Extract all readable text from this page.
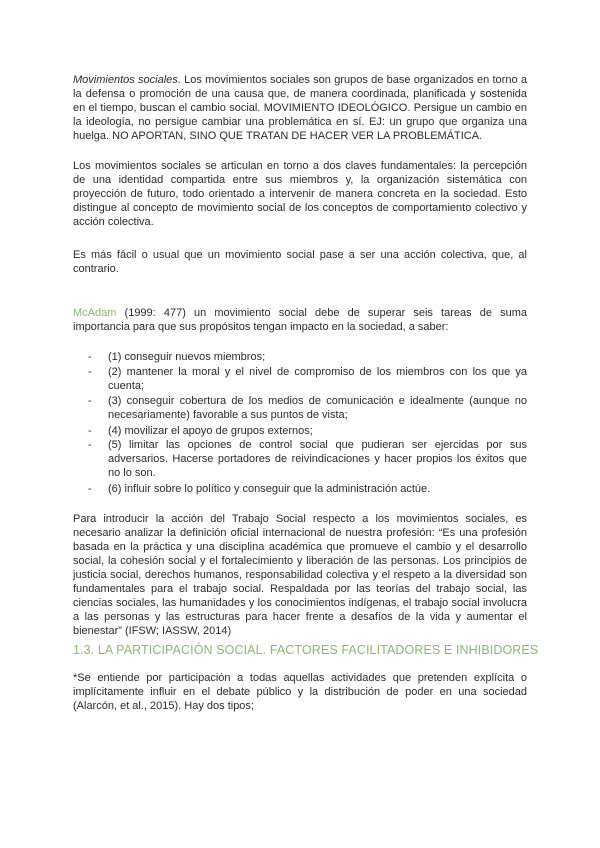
Movimientos sociales. Los movimientos sociales son grupos de base organizados en torno a
la defensa o promoción de una causa que, de manera coordinada, planificada y sostenida
en el tiempo, buscan el cambio social. MOVIMIENTO IDEOLÓGICO. Persigue un cambio en
la ideología, no persigue cambiar una problemática en sí. EJ: un grupo que organiza una
huelga. NO APORTAN, SINO QUE TRATAN DE HACER VER LA PROBLEMÁTICA.
Los movimientos sociales se articulan en torno a dos claves fundamentales: la percepción
de una identidad compartida entre sus miembros y, la organización sistemática con
proyección de futuro, todo orientado a intervenir de manera concreta en la sociedad. Esto
distingue al concepto de movimiento social de los conceptos de comportamiento colectivo y
acción colectiva.
Es más fácil o usual que un movimiento social pase a ser una acción colectiva, que, al
contrario.
McAdam (1999: 477) un movimiento social debe de superar seis tareas de suma
importancia para que sus propósitos tengan impacto en la sociedad, a saber:
- (1) conseguir nuevos miembros;
- (2) mantener la moral y el nivel de compromiso de los miembros con los que ya
cuenta;
- (3) conseguir cobertura de los medios de comunicación e idealmente (aunque no
necesariamente) favorable a sus puntos de vista;
- (4) movilizar el apoyo de grupos externos;
- (5) limitar las opciones de control social que pudieran ser ejercidas por sus
adversarios. Hacerse portadores de reivindicaciones y hacer propios los éxitos que
no lo son.
- (6) influir sobre lo político y conseguir que la administración actúe.
Para introducir la acción del Trabajo Social respecto a los movimientos sociales, es
necesario analizar la definición oficial internacional de nuestra profesión: “Es una profesión
basada en la práctica y una disciplina académica que promueve el cambio y el desarrollo
social, la cohesión social y el fortalecimiento y liberación de las personas. Los principios de
justicia social, derechos humanos, responsabilidad colectiva y el respeto a la diversidad son
fundamentales para el trabajo social. Respaldada por las teorías del trabajo social, las
ciencias sociales, las humanidades y los conocimientos indígenas, el trabajo social involucra
a las personas y las estructuras para hacer frente a desafíos de la vida y aumentar el
bienestar” (IFSW; IASSW, 2014)
1.3. LA PARTICIPACIÓN SOCIAL. FACTORES FACILITADORES E INHIBIDORES
*Se entiende por participación a todas aquellas actividades que pretenden explícita o
implícitamente influir en el debate público y la distribución de poder en una sociedad
(Alarcón, et al., 2015). Hay dos tipos;
